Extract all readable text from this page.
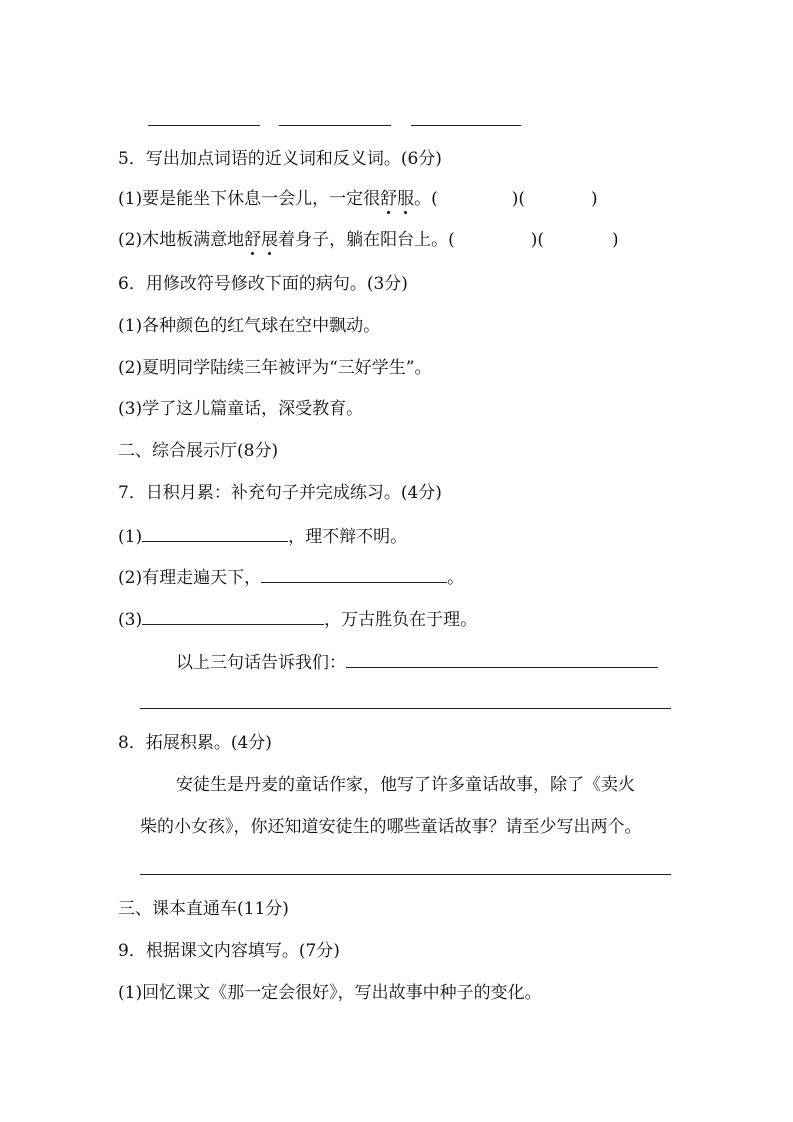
5．写出加点词语的近义词和反义词。(6分)
(1)要是能坐下休息一会儿，一定很舒服。(	)(	)
(2)木地板满意地舒展着身子，躺在阳台上。(	)(	)
6．用修改符号修改下面的病句。(3分)
(1)各种颜色的红气球在空中飘动。
(2)夏明同学陆续三年被评为“三好学生”。
(3)学了这儿篇童话，深受教育。
二、综合展示厅(8分)
7．日积月累：补充句子并完成练习。(4分)
(1)	，理不辩不明。
(2)有理走遍天下，	。
(3)	，万古胜负在于理。
以上三句话告诉我们：
8．拓展积累。(4分)
安徒生是丹麦的童话作家，他写了许多童话故事，除了《卖火
柴的小女孩》，你还知道安徒生的哪些童话故事？请至少写出两个。
三、课本直通车(11分)
9．根据课文内容填写。(7分)
(1)回忆课文《那一定会很好》，写出故事中种子的变化。
